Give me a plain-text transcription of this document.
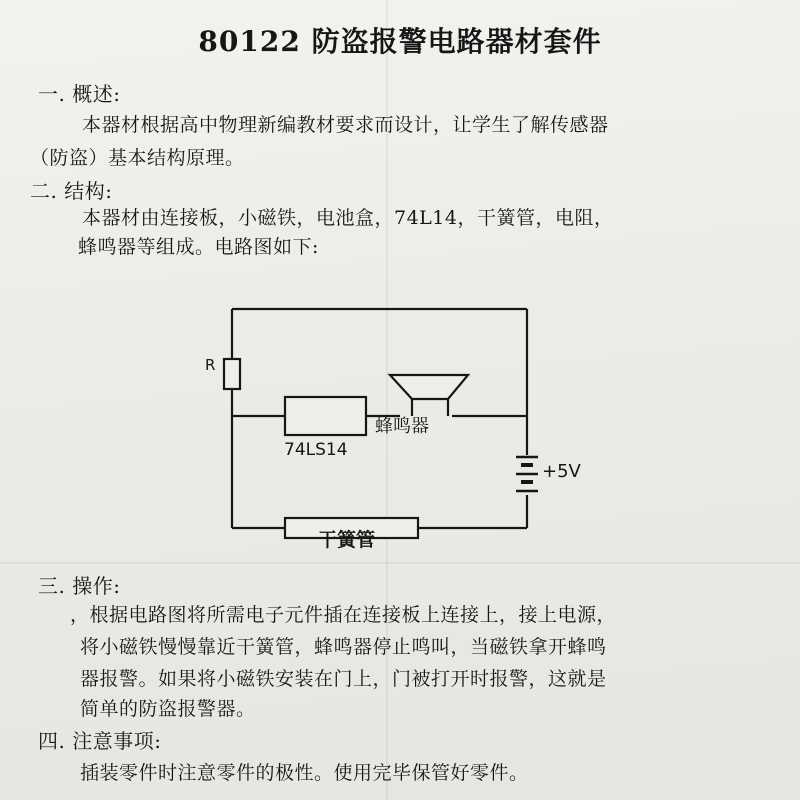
80122 防盗报警电路器材套件
一. 概述:
本器材根据高中物理新编教材要求而设计，让学生了解传感器
（防盗）基本结构原理。
二. 结构:
本器材由连接板，小磁铁，电池盒，74L14，干簧管，电阻，
蜂鸣器等组成。电路图如下:
R
74LS14
蜂鸣器
+5V
干簧管
三. 操作:
，根据电路图将所需电子元件插在连接板上连接上，接上电源，
将小磁铁慢慢靠近干簧管，蜂鸣器停止鸣叫，当磁铁拿开蜂鸣
器报警。如果将小磁铁安装在门上，门被打开时报警，这就是
简单的防盗报警器。
四. 注意事项:
插装零件时注意零件的极性。使用完毕保管好零件。
